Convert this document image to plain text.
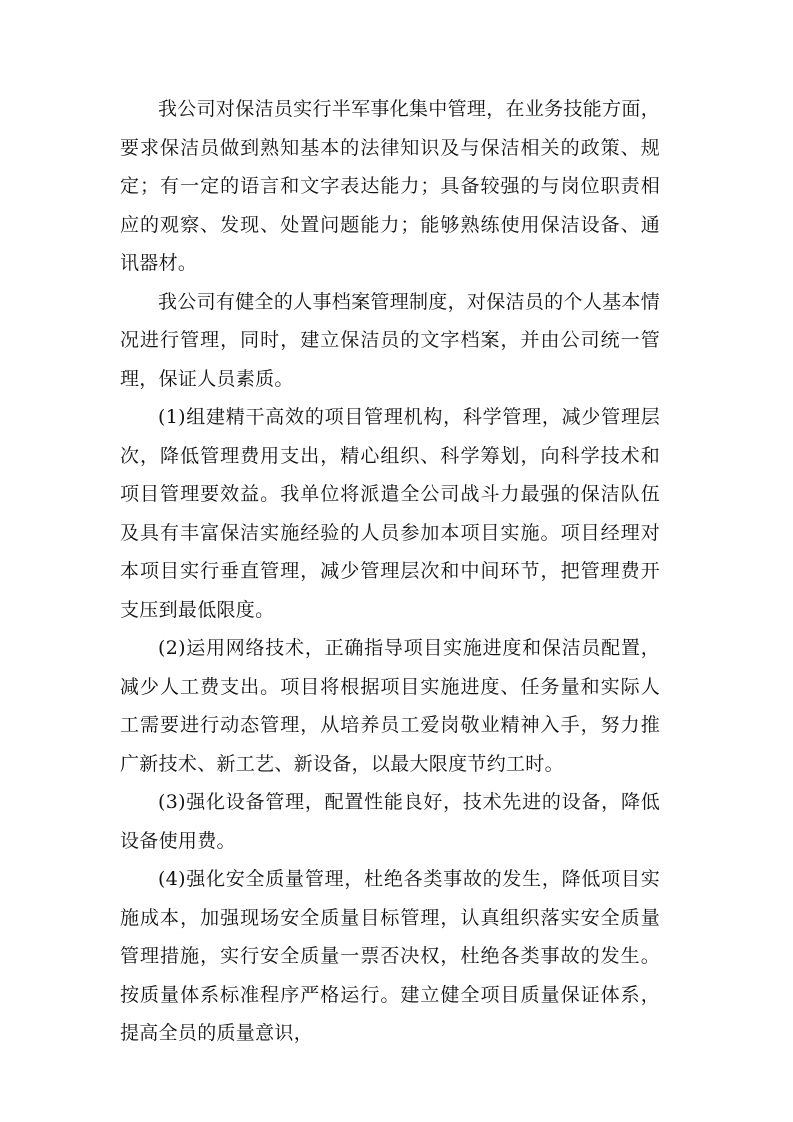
我公司对保洁员实行半军事化集中管理，在业务技能方面，要求保洁员做到熟知基本的法律知识及与保洁相关的政策、规定；有一定的语言和文字表达能力；具备较强的与岗位职责相应的观察、发现、处置问题能力；能够熟练使用保洁设备、通讯器材。

我公司有健全的人事档案管理制度，对保洁员的个人基本情况进行管理，同时，建立保洁员的文字档案，并由公司统一管理，保证人员素质。

(1)组建精干高效的项目管理机构，科学管理，减少管理层次，降低管理费用支出，精心组织、科学筹划，向科学技术和项目管理要效益。我单位将派遣全公司战斗力最强的保洁队伍及具有丰富保洁实施经验的人员参加本项目实施。项目经理对本项目实行垂直管理，减少管理层次和中间环节，把管理费开支压到最低限度。

(2)运用网络技术，正确指导项目实施进度和保洁员配置，减少人工费支出。项目将根据项目实施进度、任务量和实际人工需要进行动态管理，从培养员工爱岗敬业精神入手，努力推广新技术、新工艺、新设备，以最大限度节约工时。

(3)强化设备管理，配置性能良好，技术先进的设备，降低设备使用费。

(4)强化安全质量管理，杜绝各类事故的发生，降低项目实施成本，加强现场安全质量目标管理，认真组织落实安全质量管理措施，实行安全质量一票否决权，杜绝各类事故的发生。按质量体系标准程序严格运行。建立健全项目质量保证体系，提高全员的质量意识，
